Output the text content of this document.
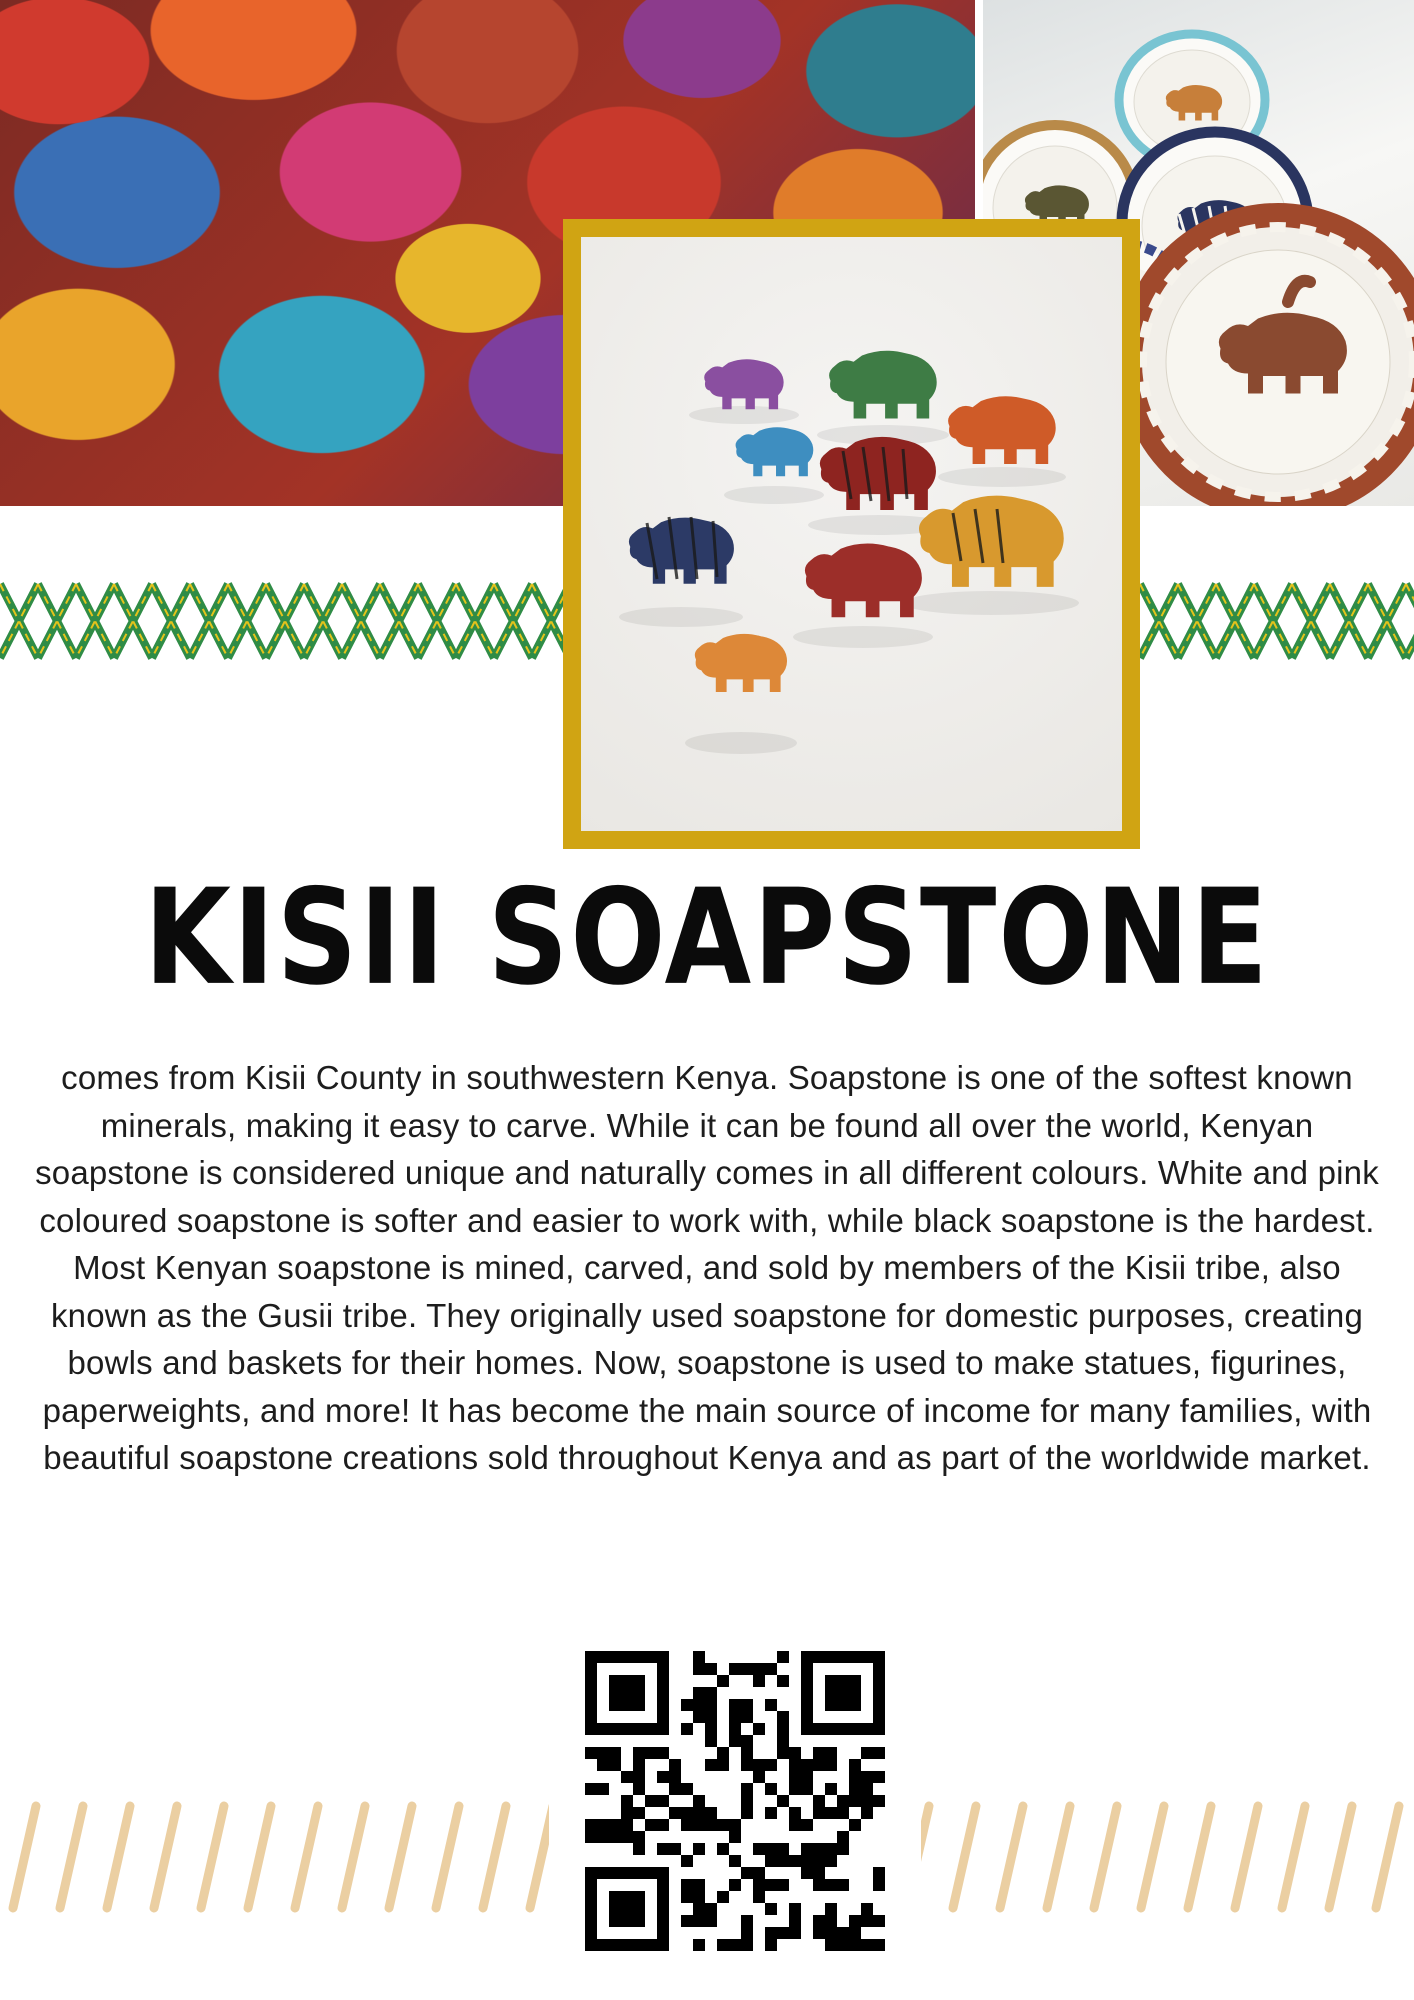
KISII SOAPSTONE

comes from Kisii County in southwestern Kenya. Soapstone is one of the softest known minerals, making it easy to carve. While it can be found all over the world, Kenyan soapstone is considered unique and naturally comes in all different colours. White and pink coloured soapstone is softer and easier to work with, while black soapstone is the hardest.

Most Kenyan soapstone is mined, carved, and sold by members of the Kisii tribe, also known as the Gusii tribe. They originally used soapstone for domestic purposes, creating bowls and baskets for their homes. Now, soapstone is used to make statues, figurines, paperweights, and more! It has become the main source of income for many families, with beautiful soapstone creations sold throughout Kenya and as part of the worldwide market.
